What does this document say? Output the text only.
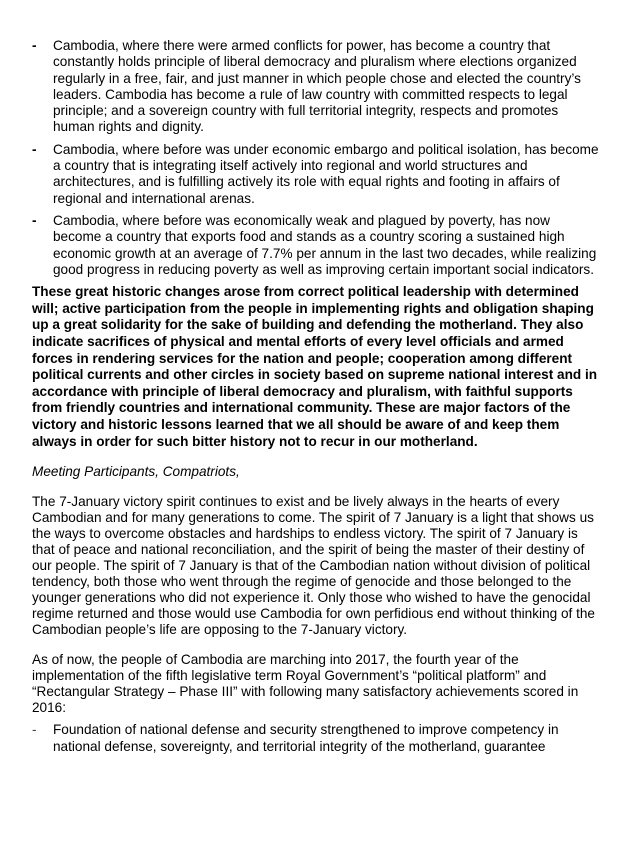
- Cambodia, where there were armed conflicts for power, has become a country that constantly holds principle of liberal democracy and pluralism where elections organized regularly in a free, fair, and just manner in which people chose and elected the country’s leaders. Cambodia has become a rule of law country with committed respects to legal principle; and a sovereign country with full territorial integrity, respects and promotes human rights and dignity.
- Cambodia, where before was under economic embargo and political isolation, has become a country that is integrating itself actively into regional and world structures and architectures, and is fulfilling actively its role with equal rights and footing in affairs of regional and international arenas.
- Cambodia, where before was economically weak and plagued by poverty, has now become a country that exports food and stands as a country scoring a sustained high economic growth at an average of 7.7% per annum in the last two decades, while realizing good progress in reducing poverty as well as improving certain important social indicators.

These great historic changes arose from correct political leadership with determined will; active participation from the people in implementing rights and obligation shaping up a great solidarity for the sake of building and defending the motherland. They also indicate sacrifices of physical and mental efforts of every level officials and armed forces in rendering services for the nation and people; cooperation among different political currents and other circles in society based on supreme national interest and in accordance with principle of liberal democracy and pluralism, with faithful supports from friendly countries and international community. These are major factors of the victory and historic lessons learned that we all should be aware of and keep them always in order for such bitter history not to recur in our motherland.

Meeting Participants, Compatriots,

The 7-January victory spirit continues to exist and be lively always in the hearts of every Cambodian and for many generations to come. The spirit of 7 January is a light that shows us the ways to overcome obstacles and hardships to endless victory. The spirit of 7 January is that of peace and national reconciliation, and the spirit of being the master of their destiny of our people. The spirit of 7 January is that of the Cambodian nation without division of political tendency, both those who went through the regime of genocide and those belonged to the younger generations who did not experience it. Only those who wished to have the genocidal regime returned and those would use Cambodia for own perfidious end without thinking of the Cambodian people’s life are opposing to the 7-January victory.

As of now, the people of Cambodia are marching into 2017, the fourth year of the implementation of the fifth legislative term Royal Government’s “political platform” and “Rectangular Strategy – Phase III” with following many satisfactory achievements scored in 2016:

- Foundation of national defense and security strengthened to improve competency in national defense, sovereignty, and territorial integrity of the motherland, guarantee
